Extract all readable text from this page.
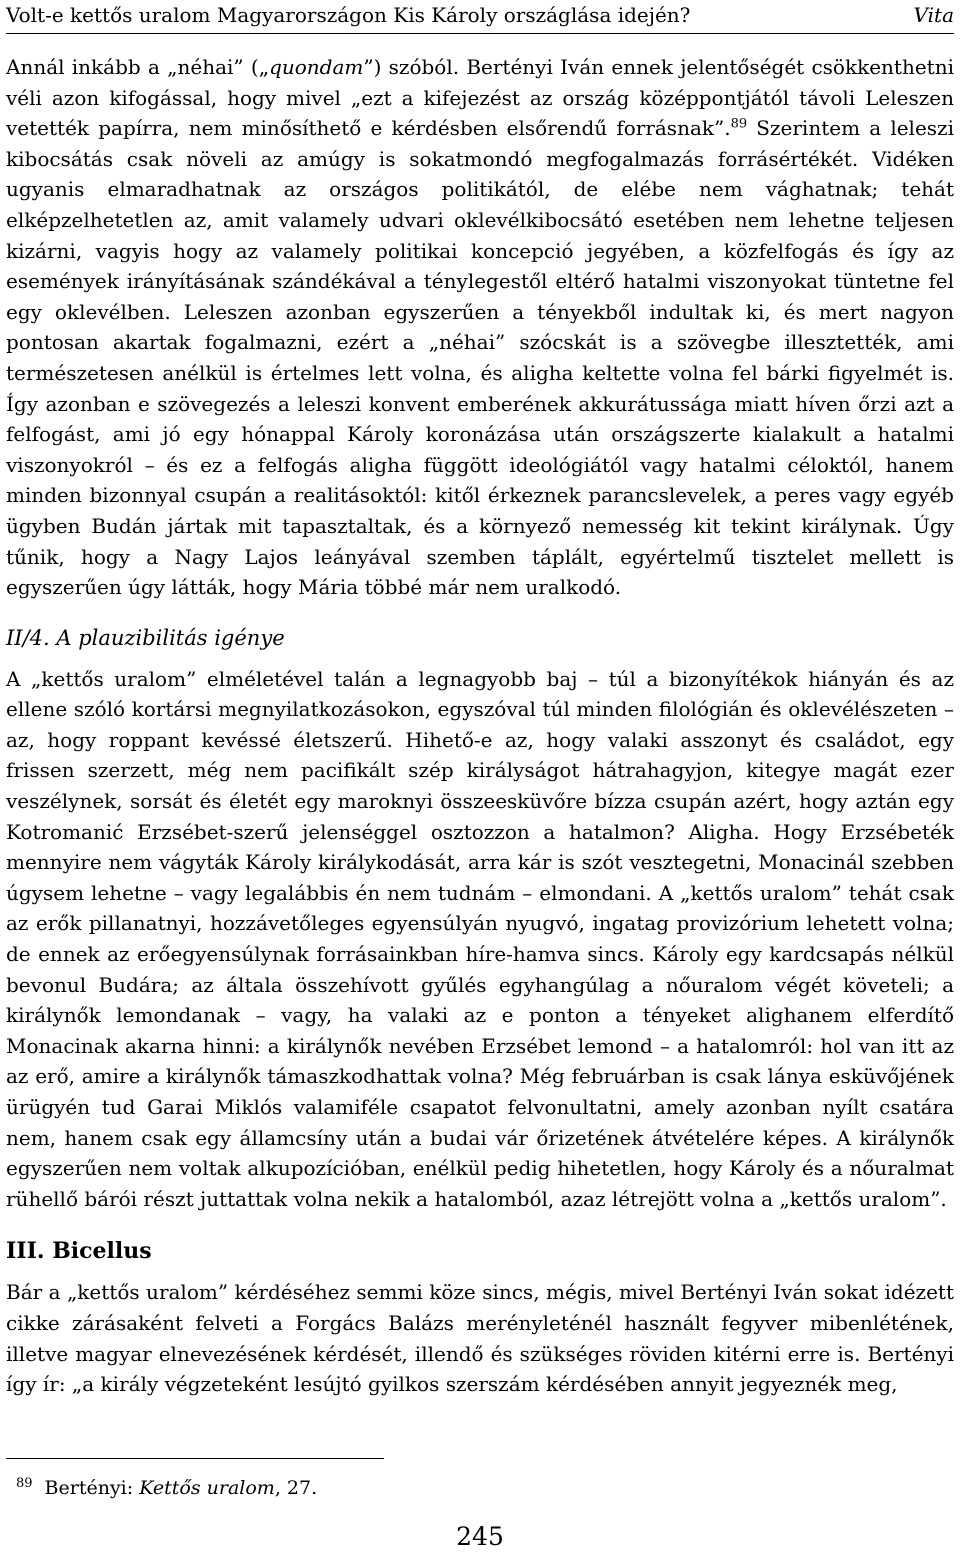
Volt-e kettős uralom Magyarországon Kis Károly országlása idején?	Vita

Annál inkább a „néhai” („quondam”) szóból. Bertényi Iván ennek jelentőségét csökkenthetni véli azon kifogással, hogy mivel „ezt a kifejezést az ország középpontjától távoli Leleszen vetették papírra, nem minősíthető e kérdésben elsőrendű forrásnak”.$^{89}$ Szerintem a leleszi kibocsátás csak növeli az amúgy is sokatmondó megfogalmazás forrásértékét. Vidéken ugyanis elmaradhatnak az országos politikától, de elébe nem vághatnak; tehát elképzelhetetlen az, amit valamely udvari oklevélkibocsátó esetében nem lehetne teljesen kizárni, vagyis hogy az valamely politikai koncepció jegyében, a közfelfogás és így az események irányításának szándékával a ténylegestől eltérő hatalmi viszonyokat tüntetne fel egy oklevélben. Leleszen azonban egyszerűen a tényekből indultak ki, és mert nagyon pontosan akartak fogalmazni, ezért a „néhai” szócskát is a szövegbe illesztették, ami természetesen anélkül is értelmes lett volna, és aligha keltette volna fel bárki figyelmét is. Így azonban e szövegezés a leleszi konvent emberének akkurátussága miatt híven őrzi azt a felfogást, ami jó egy hónappal Károly koronázása után országszerte kialakult a hatalmi viszonyokról – és ez a felfogás aligha függött ideológiától vagy hatalmi céloktól, hanem minden bizonnyal csupán a realitásoktól: kitől érkeznek parancslevelek, a peres vagy egyéb ügyben Budán jártak mit tapasztaltak, és a környező nemesség kit tekint királynak. Úgy tűnik, hogy a Nagy Lajos leányával szemben táplált, egyértelmű tisztelet mellett is egyszerűen úgy látták, hogy Mária többé már nem uralkodó.

II/4. A plauzibilitás igénye

A „kettős uralom” elméletével talán a legnagyobb baj – túl a bizonyítékok hiányán és az ellene szóló kortársi megnyilatkozásokon, egyszóval túl minden filológián és oklevélészeten – az, hogy roppant kevéssé életszerű. Hihető-e az, hogy valaki asszonyt és családot, egy frissen szerzett, még nem pacifikált szép királyságot hátrahagyjon, kitegye magát ezer veszélynek, sorsát és életét egy maroknyi összeesküvőre bízza csupán azért, hogy aztán egy Kotromanić Erzsébet-szerű jelenséggel osztozzon a hatalmon? Aligha. Hogy Erzsébeték mennyire nem vágyták Károly királykodását, arra kár is szót vesztegetni, Monacinál szebben úgysem lehetne – vagy legalábbis én nem tudnám – elmondani. A „kettős uralom” tehát csak az erők pillanatnyi, hozzávetőleges egyensúlyán nyugvó, ingatag provizórium lehetett volna; de ennek az erőegyensúlynak forrásainkban híre-hamva sincs. Károly egy kardcsapás nélkül bevonul Budára; az általa összehívott gyűlés egyhangúlag a nőuralom végét követeli; a királynők lemondanak – vagy, ha valaki az e ponton a tényeket alighanem elferdítő Monacinak akarna hinni: a királynők nevében Erzsébet lemond – a hatalomról: hol van itt az az erő, amire a királynők támaszkodhattak volna? Még februárban is csak lánya esküvőjének ürügyén tud Garai Miklós valamiféle csapatot felvonultatni, amely azonban nyílt csatára nem, hanem csak egy államcsíny után a budai vár őrizetének átvételére képes. A királynők egyszerűen nem voltak alkupozícióban, enélkül pedig hihetetlen, hogy Károly és a nőuralmat rühellő bárói részt juttattak volna nekik a hatalomból, azaz létrejött volna a „kettős uralom”.

III. Bicellus

Bár a „kettős uralom” kérdéséhez semmi köze sincs, mégis, mivel Bertényi Iván sokat idézett cikke zárásaként felveti a Forgács Balázs merényleténél használt fegyver mibenlétének, illetve magyar elnevezésének kérdését, illendő és szükséges röviden kitérni erre is. Bertényi így ír: „a király végzeteként lesújtó gyilkos szerszám kérdésében annyit jegyeznék meg,

$^{89}$ Bertényi: Kettős uralom, 27.
245
